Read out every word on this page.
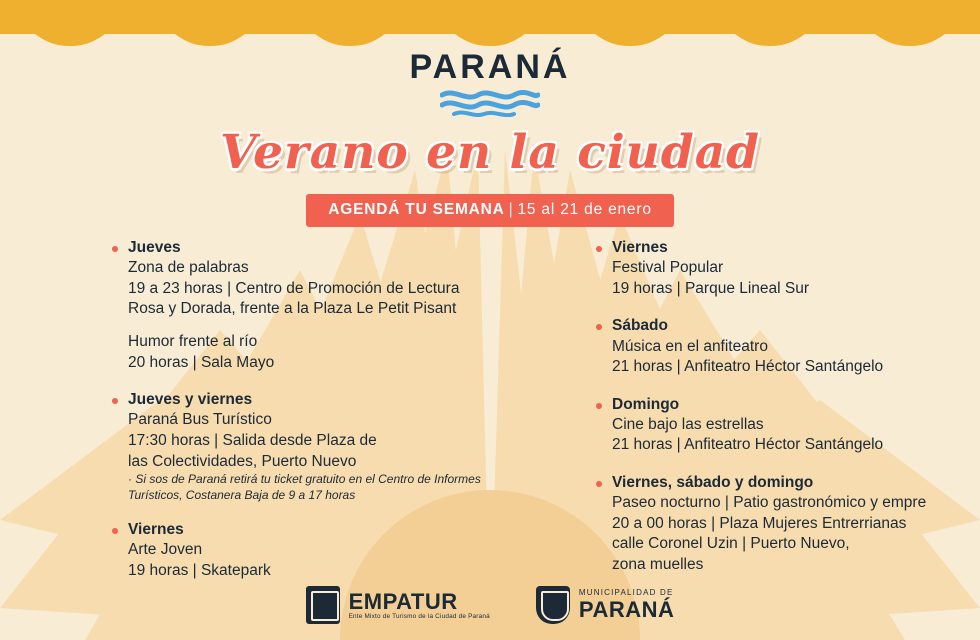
PARANÁ
Verano en la ciudad
AGENDÁ TU SEMANA | 15 al 21 de enero
Jueves
Zona de palabras
19 a 23 horas | Centro de Promoción de Lectura
Rosa y Dorada, frente a la Plaza Le Petit Pisant
Humor frente al río
20 horas | Sala Mayo
Jueves y viernes
Paraná Bus Turístico
17:30 horas | Salida desde Plaza de
las Colectividades, Puerto Nuevo
· Si sos de Paraná retirá tu ticket gratuito en el Centro de Informes Turísticos, Costanera Baja de 9 a 17 horas
Viernes
Arte Joven
19 horas | Skatepark
Viernes
Festival Popular
19 horas | Parque Lineal Sur
Sábado
Música en el anfiteatro
21 horas | Anfiteatro Héctor Santángelo
Domingo
Cine bajo las estrellas
21 horas | Anfiteatro Héctor Santángelo
Viernes, sábado y domingo
Paseo nocturno | Patio gastronómico y empre
20 a 00 horas | Plaza Mujeres Entrerrianas
calle Coronel Uzin | Puerto Nuevo,
zona muelles
EMPATUR
Ente Mixto de Turismo de la Ciudad de Paraná
MUNICIPALIDAD DE
PARANÁ
